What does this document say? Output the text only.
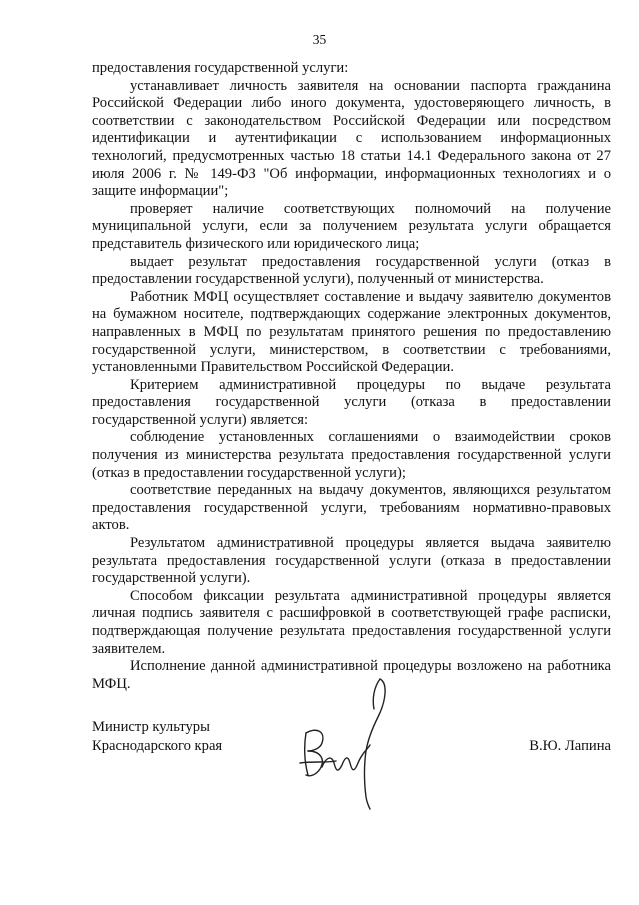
35

предоставления государственной услуги:

устанавливает личность заявителя на основании паспорта гражданина Российской Федерации либо иного документа, удостоверяющего личность, в соответствии с законодательством Российской Федерации или посредством идентификации и аутентификации с использованием информационных технологий, предусмотренных частью 18 статьи 14.1 Федерального закона от 27 июля 2006 г. № 149-ФЗ "Об информации, информационных технологиях и о защите информации";

проверяет наличие соответствующих полномочий на получение муниципальной услуги, если за получением результата услуги обращается представитель физического или юридического лица;

выдает результат предоставления государственной услуги (отказ в предоставлении государственной услуги), полученный от министерства.

Работник МФЦ осуществляет составление и выдачу заявителю документов на бумажном носителе, подтверждающих содержание электронных документов, направленных в МФЦ по результатам принятого решения по предоставлению государственной услуги, министерством, в соответствии с требованиями, установленными Правительством Российской Федерации.

Критерием административной процедуры по выдаче результата предоставления государственной услуги (отказа в предоставлении государственной услуги) является:

соблюдение установленных соглашениями о взаимодействии сроков получения из министерства результата предоставления государственной услуги (отказ в предоставлении государственной услуги);

соответствие переданных на выдачу документов, являющихся результатом предоставления государственной услуги, требованиям нормативно-правовых актов.

Результатом административной процедуры является выдача заявителю результата предоставления государственной услуги (отказа в предоставлении государственной услуги).

Способом фиксации результата административной процедуры является личная подпись заявителя с расшифровкой в соответствующей графе расписки, подтверждающая получение результата предоставления государственной услуги заявителем.

Исполнение данной административной процедуры возложено на работника МФЦ.

Министр культуры
Краснодарского края	В.Ю. Лапина
